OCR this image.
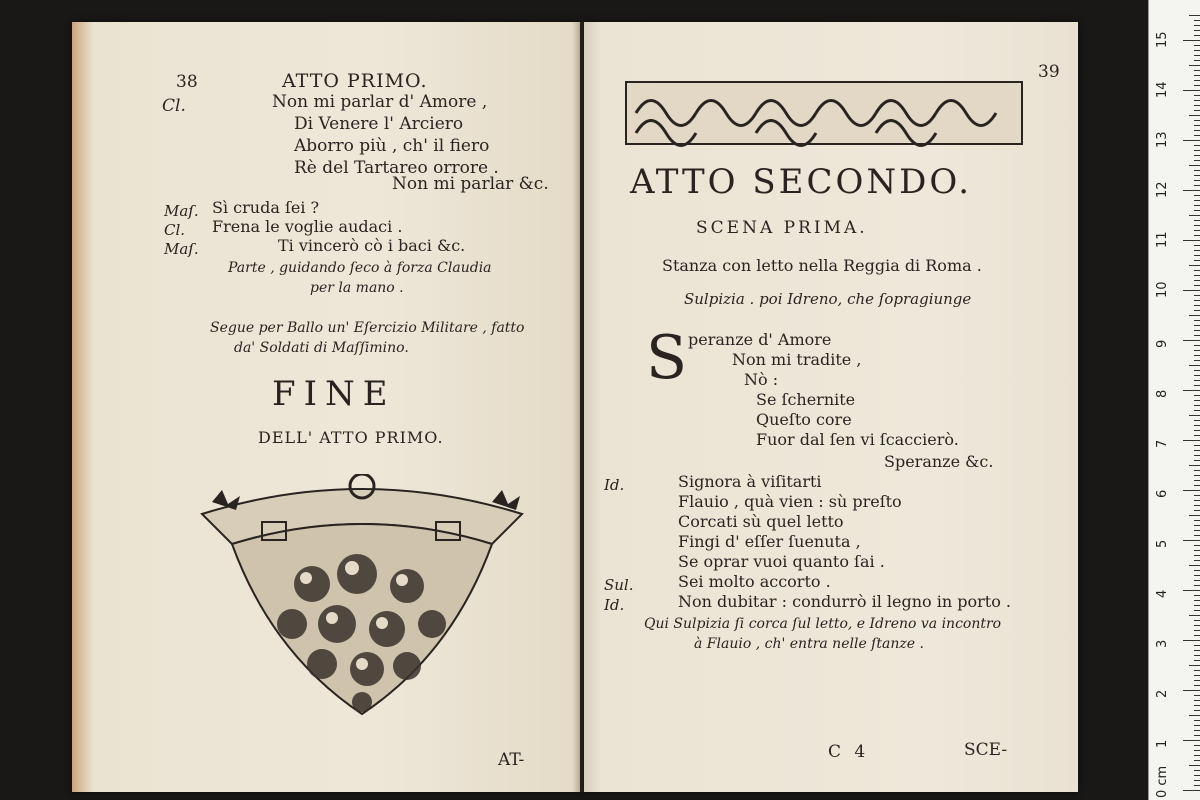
38	ATTO PRIMO.
Cl.	Non mi parlar d' Amore ,
Di Venere l' Arciero
Aborro più , ch' il fiero
Rè del Tartareo orrore .
Non mi parlar &c.
Maſ. Sì cruda ſei ?
Cl. Frena le voglie audaci .
Maſ.	Ti vincerò cò i baci &c.
Parte , guidando ſeco à forza Claudia
per la mano .
Segue per Ballo un' Eſercizio Militare , fatto
da' Soldati di Maſſimino.
FINE
DELL' ATTO PRIMO.
AT-
39
ATTO SECONDO.
SCENA PRIMA.
Stanza con letto nella Reggia di Roma .
Sulpizia . poi Idreno, che ſopragiunge
S peranze d' Amore
Non mi tradite ,
Nò :
Se ſchernite
Queſto core
Fuor dal ſen vi ſcaccierò.
Speranze &c.
Id.	Signora à viſitarti
Flauio , quà vien : sù preſto
Corcati sù quel letto
Fingi d' eſſer ſuenuta ,
Se oprar vuoi quanto ſai .
Sul.	Sei molto accorto .
Id.	Non dubitar : condurrò il legno in porto .
Qui Sulpizia ſi corca ſul letto, e Idreno va incontro
à Flauio , ch' entra nelle ſtanze .
C 4	SCE-
0 cm
1
2
3
4
5
6
7
8
9
10
11
12
13
14
15
